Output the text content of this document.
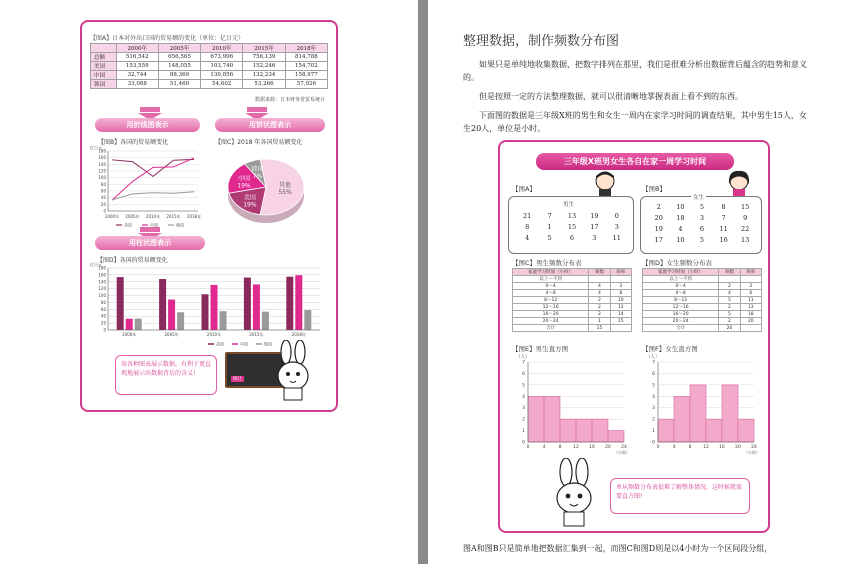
【图A】日本对外出口国的贸易额的变化（单位：亿日元）
	2000年	2005年	2010年	2015年	2018年
总额	516,542	656,565	673,996	756,139	814,788
美国	153,559	148,055	103,740	152,246	154,702
中国	32,744	88,369	130,856	132,234	158,977
韩国	33,088	51,460	54,602	53,266	57,926
数据来源：日本财务省贸易统计
用折线图表示	用饼状图表示
【图B】各国的贸易额变化	【图C】2018 年各国贸易额变化
亿日元
0
20
40
60
80
100
120
140
160
180
2000年 2005年 2010年 2015年 2018年
美国	中国	韩国
其他
55%
美国
19%
中国
19%
韩国
7%
用柱状图表示
【图D】各国的贸易额变化
亿日元
0
20
40
60
80
100
120
140
160
180
2000年	2005年	2010年	2015年	2018年
美国	中国	韩国
用各种图表展示数据，有利于更直观地展示出数据背后的含义!
统计
整理数据，制作频数分布图
如果只是单纯地收集数据，把数字排列在那里，我们是很难分析出数据背后蕴含的趋势和意义的。
但是按照一定的方法整理数据，就可以很清晰地掌握表面上看不到的东西。
下面图的数据是三年级X班的男生和女生一周内在家学习时间的调查结果，其中男生15人，女生20人，单位是小时。
三年级X班男女生各自在家一周学习时间
【图A】	【图B】
男生
21	7	13	19	0
8	1	15	17	3
4	5	6	3	11
女生
2	10	5	8	15
20	18	3	7	9
19	4	6	11	22
17	10	5	16	13
【图C】男生频数分布表	【图D】女生频数分布表
家庭学习时间（小时）	频数	频率
以上～不到		
0～4	4	3
4～8	4	8
8～12	2	10
12～16	2	12
16～20	2	14
20～24	1	15
合计	15	
家庭学习时间（小时）	频数	频率
以上～不到		
0～4	2	2
4～8	4	6
8～12	5	11
12～16	2	13
16～20	5	18
20～24	2	20
合计	20	
【图E】男生直方图	【图F】女生直方图
（人）
0
1
2
3
4
5
6
7
0	4	8	12 16 20 24
（小时）
（人）
0
1
2
3
4
5
6
7
0	4	8	12 16 20 24
（小时）
单从频数分布表很难了解整体情况，这时候就需要直方图!
图A和图B只是简单地把数据汇集到一起，而图C和图D则是以4小时为一个区间段分组，
